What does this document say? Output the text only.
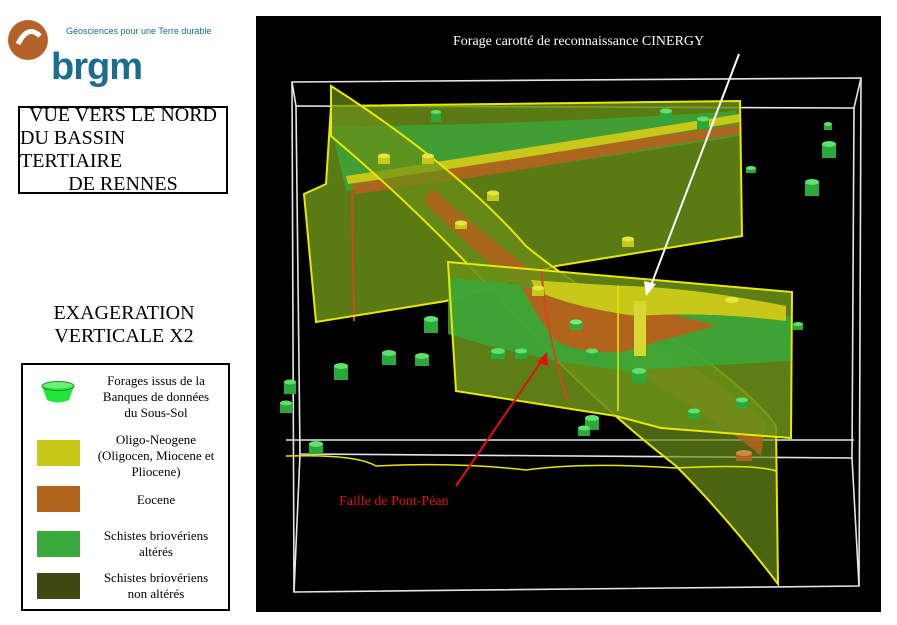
Géosciences pour une Terre durable
brgm
VUE VERS LE NORD
DU BASSIN TERTIAIRE
DE RENNES
EXAGERATION
VERTICALE X2
Forages issus de la
Banques de données
du Sous-Sol
Oligo-Neogene
(Oligocen, Miocene et
Pliocene)
Eocene
Schistes briovériens
altérés
Schistes briovériens
non altérés
Forage carotté de reconnaissance CINERGY
Faille de Pont-Péan
